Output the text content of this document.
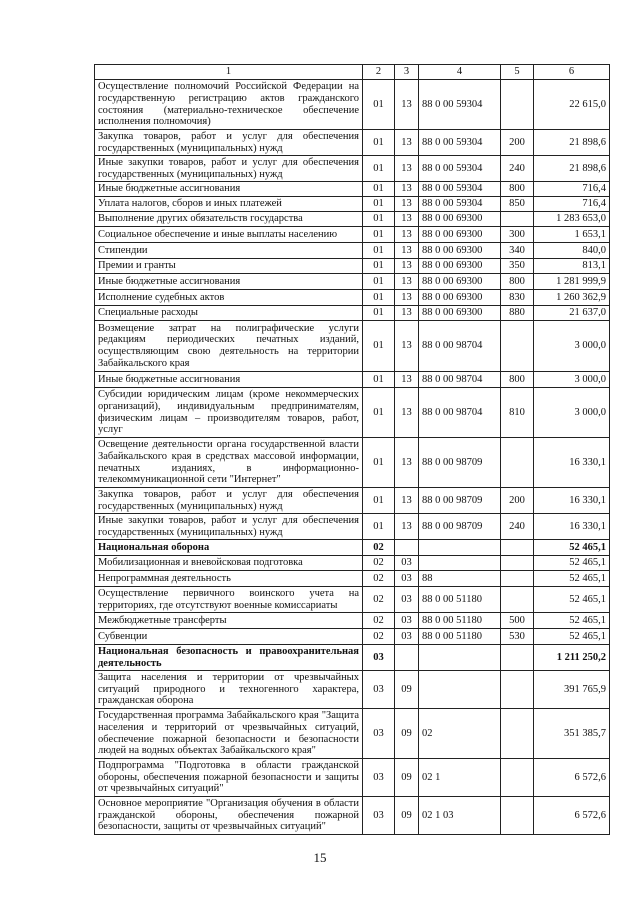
1	2	3	4	5	6
Осуществление полномочий Российской Федерации на государственную регистрацию актов гражданского состояния (материально-техническое обеспечение исполнения полномочия)	01	13	88 0 00 59304		22 615,0
Закупка товаров, работ и услуг для обеспечения государственных (муниципальных) нужд	01	13	88 0 00 59304	200	21 898,6
Иные закупки товаров, работ и услуг для обеспечения государственных (муниципальных) нужд	01	13	88 0 00 59304	240	21 898,6
Иные бюджетные ассигнования	01	13	88 0 00 59304	800	716,4
Уплата налогов, сборов и иных платежей	01	13	88 0 00 59304	850	716,4
Выполнение других обязательств государства	01	13	88 0 00 69300		1 283 653,0
Социальное обеспечение и иные выплаты населению	01	13	88 0 00 69300	300	1 653,1
Стипендии	01	13	88 0 00 69300	340	840,0
Премии и гранты	01	13	88 0 00 69300	350	813,1
Иные бюджетные ассигнования	01	13	88 0 00 69300	800	1 281 999,9
Исполнение судебных актов	01	13	88 0 00 69300	830	1 260 362,9
Специальные расходы	01	13	88 0 00 69300	880	21 637,0
Возмещение затрат на полиграфические услуги редакциям периодических печатных изданий, осуществляющим свою деятельность на территории Забайкальского края	01	13	88 0 00 98704		3 000,0
Иные бюджетные ассигнования	01	13	88 0 00 98704	800	3 000,0
Субсидии юридическим лицам (кроме некоммерческих организаций), индивидуальным предпринимателям, физическим лицам – производителям товаров, работ, услуг	01	13	88 0 00 98704	810	3 000,0
Освещение деятельности органа государственной власти Забайкальского края в средствах массовой информации, печатных изданиях, в информационно-телекоммуникационной сети "Интернет"	01	13	88 0 00 98709		16 330,1
Закупка товаров, работ и услуг для обеспечения государственных (муниципальных) нужд	01	13	88 0 00 98709	200	16 330,1
Иные закупки товаров, работ и услуг для обеспечения государственных (муниципальных) нужд	01	13	88 0 00 98709	240	16 330,1
Национальная оборона	02				52 465,1
Мобилизационная и вневойсковая подготовка	02	03			52 465,1
Непрограммная деятельность	02	03	88		52 465,1
Осуществление первичного воинского учета на территориях, где отсутствуют военные комиссариаты	02	03	88 0 00 51180		52 465,1
Межбюджетные трансферты	02	03	88 0 00 51180	500	52 465,1
Субвенции	02	03	88 0 00 51180	530	52 465,1
Национальная безопасность и правоохранительная деятельность	03				1 211 250,2
Защита населения и территории от чрезвычайных ситуаций природного и техногенного характера, гражданская оборона	03	09			391 765,9
Государственная программа Забайкальского края "Защита населения и территорий от чрезвычайных ситуаций, обеспечение пожарной безопасности и безопасности людей на водных объектах Забайкальского края"	03	09	02		351 385,7
Подпрограмма "Подготовка в области гражданской обороны, обеспечения пожарной безопасности и защиты от чрезвычайных ситуаций"	03	09	02 1		6 572,6
Основное мероприятие "Организация обучения в области гражданской обороны, обеспечения пожарной безопасности, защиты от чрезвычайных ситуаций"	03	09	02 1 03		6 572,6
15
